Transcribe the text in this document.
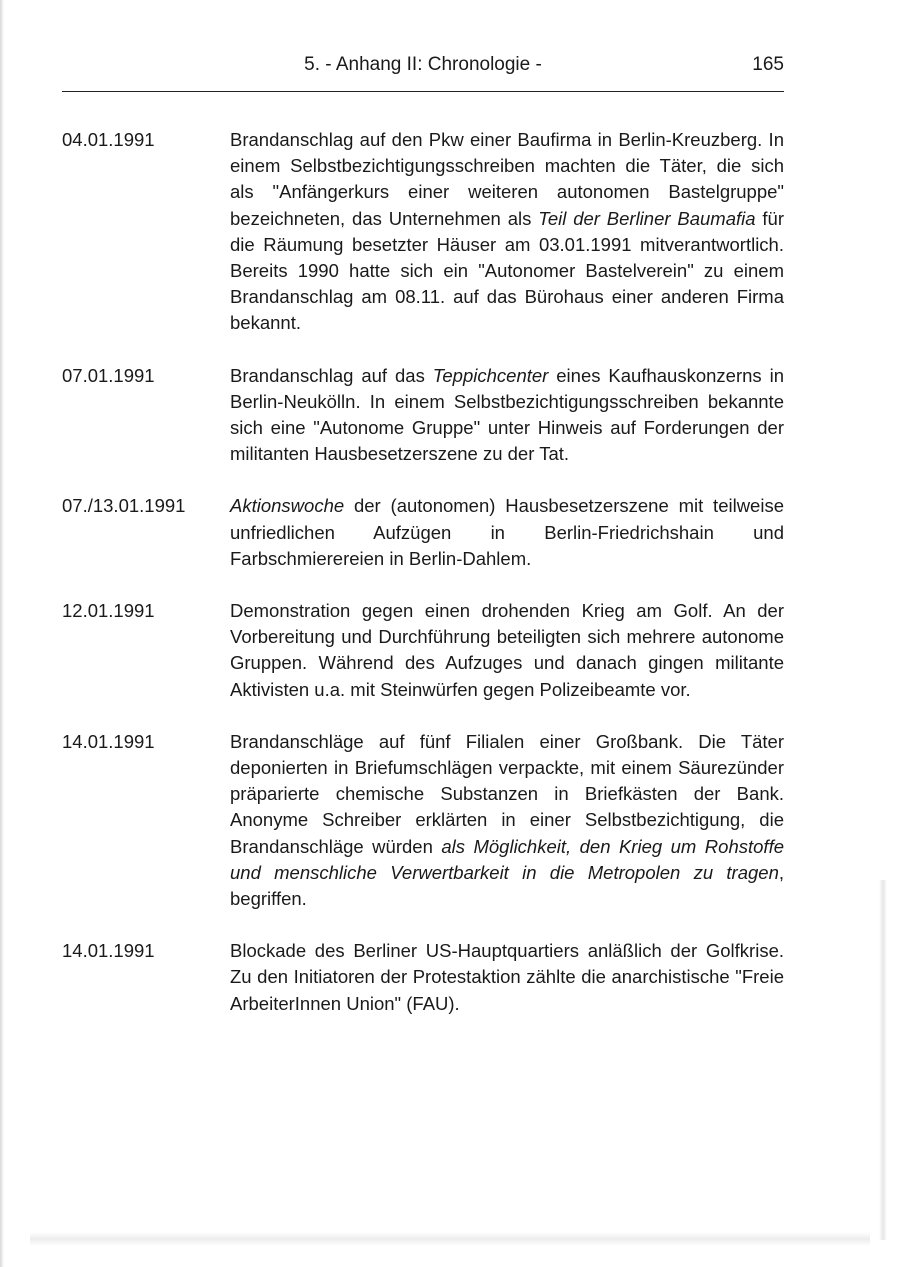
5. - Anhang II: Chronologie -	165
04.01.1991	Brandanschlag auf den Pkw einer Baufirma in Berlin-Kreuzberg. In einem Selbstbezichtigungsschreiben machten die Täter, die sich als "Anfängerkurs einer weiteren autonomen Bastelgruppe" bezeichneten, das Unternehmen als Teil der Berliner Baumafia für die Räumung besetzter Häuser am 03.01.1991 mitverantwortlich. Bereits 1990 hatte sich ein "Autonomer Bastelverein" zu einem Brandanschlag am 08.11. auf das Bürohaus einer anderen Firma bekannt.
07.01.1991	Brandanschlag auf das Teppichcenter eines Kaufhauskonzerns in Berlin-Neukölln. In einem Selbstbezichtigungsschreiben bekannte sich eine "Autonome Gruppe" unter Hinweis auf Forderungen der militanten Hausbesetzerszene zu der Tat.
07./13.01.1991	Aktionswoche der (autonomen) Hausbesetzerszene mit teilweise unfriedlichen Aufzügen in Berlin-Friedrichshain und Farbschmierereien in Berlin-Dahlem.
12.01.1991	Demonstration gegen einen drohenden Krieg am Golf. An der Vorbereitung und Durchführung beteiligten sich mehrere autonome Gruppen. Während des Aufzuges und danach gingen militante Aktivisten u.a. mit Steinwürfen gegen Polizeibeamte vor.
14.01.1991	Brandanschläge auf fünf Filialen einer Großbank. Die Täter deponierten in Briefumschlägen verpackte, mit einem Säurezünder präparierte chemische Substanzen in Briefkästen der Bank. Anonyme Schreiber erklärten in einer Selbstbezichtigung, die Brandanschläge würden als Möglichkeit, den Krieg um Rohstoffe und menschliche Verwertbarkeit in die Metropolen zu tragen, begriffen.
14.01.1991	Blockade des Berliner US-Hauptquartiers anläßlich der Golfkrise. Zu den Initiatoren der Protestaktion zählte die anarchistische "Freie ArbeiterInnen Union" (FAU).
